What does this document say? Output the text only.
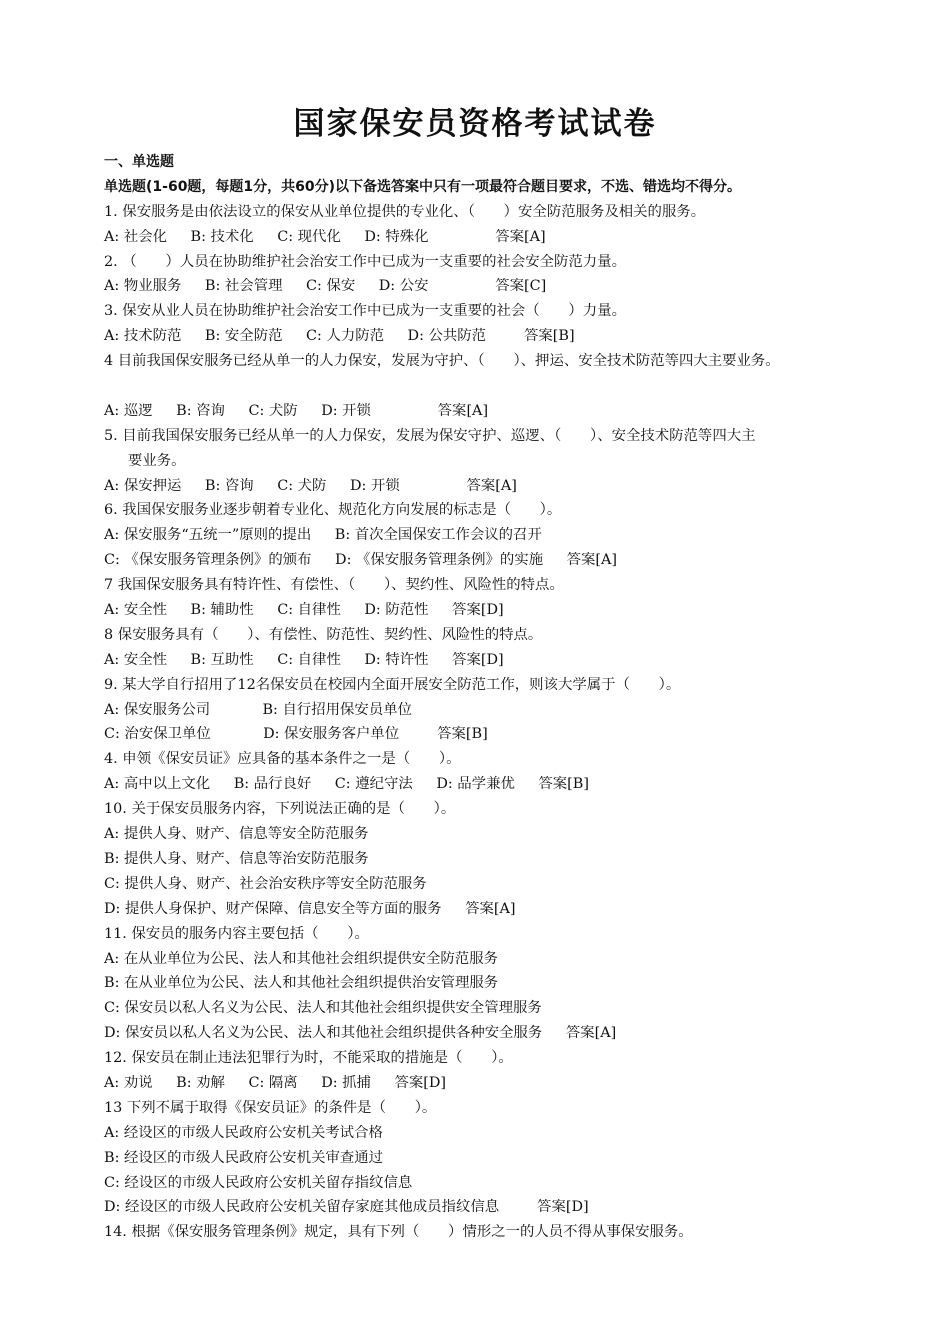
国家保安员资格考试试卷
一、单选题
单选题(1-60题，每题1分，共60分)以下备选答案中只有一项最符合题目要求，不选、错选均不得分。
1. 保安服务是由依法设立的保安从业单位提供的专业化、（　　）安全防范服务及相关的服务。
A: 社会化　  B: 技术化　  C: 现代化　  D: 特殊化　　　　  答案[A]
2. （　　）人员在协助维护社会治安工作中已成为一支重要的社会安全防范力量。
A: 物业服务　  B: 社会管理　  C: 保安　  D: 公安　　　　  答案[C]
3. 保安从业人员在协助维护社会治安工作中已成为一支重要的社会（　　）力量。
A: 技术防范　  B: 安全防范　  C: 人力防范　  D: 公共防范　　  答案[B]
4 目前我国保安服务已经从单一的人力保安，发展为守护、（　　）、押运、安全技术防范等四大主要业务。
A: 巡逻　  B: 咨询　  C: 犬防　  D: 开锁　　　　  答案[A]
5. 目前我国保安服务已经从单一的人力保安，发展为保安守护、巡逻、（　　）、安全技术防范等四大主
要业务。
A: 保安押运　  B: 咨询　  C: 犬防　  D: 开锁　　　　  答案[A]
6. 我国保安服务业逐步朝着专业化、规范化方向发展的标志是（　　）。
A: 保安服务“五统一”原则的提出　  B: 首次全国保安工作会议的召开
C: 《保安服务管理条例》的颁布　  D: 《保安服务管理条例》的实施　  答案[A]
7 我国保安服务具有特许性、有偿性、（　　）、契约性、风险性的特点。
A: 安全性　  B: 辅助性　  C: 自律性　  D: 防范性　  答案[D]
8 保安服务具有（　　）、有偿性、防范性、契约性、风险性的特点。
A: 安全性　  B: 互助性　  C: 自律性　  D: 特许性　  答案[D]
9. 某大学自行招用了12名保安员在校园内全面开展安全防范工作，则该大学属于（　　）。
A: 保安服务公司　　　  B: 自行招用保安员单位
C: 治安保卫单位　　　  D: 保安服务客户单位　　  答案[B]
4. 申领《保安员证》应具备的基本条件之一是（　　）。
A: 高中以上文化　  B: 品行良好　  C: 遵纪守法　  D: 品学兼优　  答案[B]
10. 关于保安员服务内容，下列说法正确的是（　　）。
A: 提供人身、财产、信息等安全防范服务
B: 提供人身、财产、信息等治安防范服务
C: 提供人身、财产、社会治安秩序等安全防范服务
D: 提供人身保护、财产保障、信息安全等方面的服务　  答案[A]
11. 保安员的服务内容主要包括（　　）。
A: 在从业单位为公民、法人和其他社会组织提供安全防范服务
B: 在从业单位为公民、法人和其他社会组织提供治安管理服务
C: 保安员以私人名义为公民、法人和其他社会组织提供安全管理服务
D: 保安员以私人名义为公民、法人和其他社会组织提供各种安全服务　  答案[A]
12. 保安员在制止违法犯罪行为时，不能采取的措施是（　　）。
A: 劝说　  B: 劝解　  C: 隔离　  D: 抓捕　  答案[D]
13 下列不属于取得《保安员证》的条件是（　　）。
A: 经设区的市级人民政府公安机关考试合格
B: 经设区的市级人民政府公安机关审查通过
C: 经设区的市级人民政府公安机关留存指纹信息
D: 经设区的市级人民政府公安机关留存家庭其他成员指纹信息　　  答案[D]
14. 根据《保安服务管理条例》规定，具有下列（　　）情形之一的人员不得从事保安服务。
